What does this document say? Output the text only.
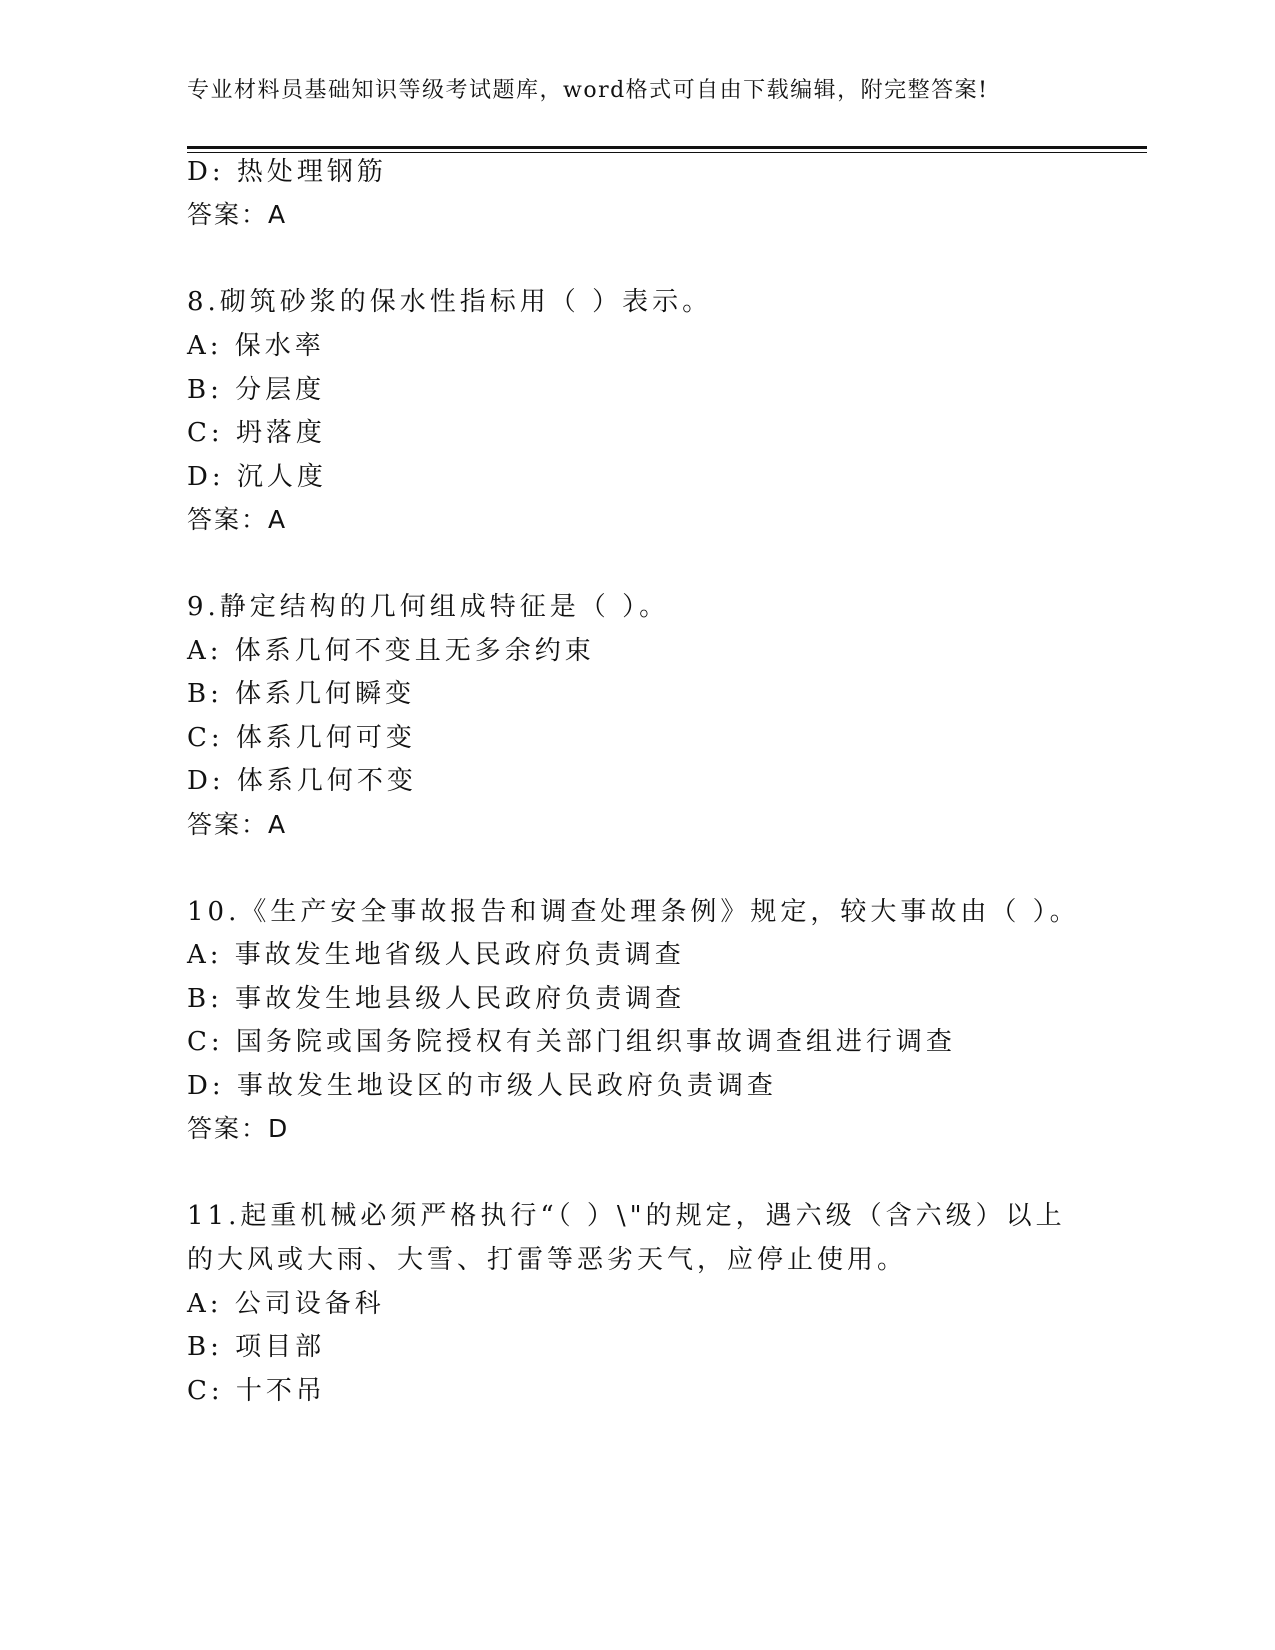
专业材料员基础知识等级考试题库，word格式可自由下载编辑，附完整答案!
D: 热处理钢筋
答案：A
8.砌筑砂浆的保水性指标用（ ）表示。
A: 保水率
B: 分层度
C: 坍落度
D: 沉人度
答案：A
9.静定结构的几何组成特征是（ ）。
A: 体系几何不变且无多余约束
B: 体系几何瞬变
C: 体系几何可变
D: 体系几何不变
答案：A
10.《生产安全事故报告和调查处理条例》规定，较大事故由（ ）。
A: 事故发生地省级人民政府负责调查
B: 事故发生地县级人民政府负责调查
C: 国务院或国务院授权有关部门组织事故调查组进行调查
D: 事故发生地设区的市级人民政府负责调查
答案：D
11.起重机械必须严格执行“（ ）\"的规定，遇六级（含六级）以上
的大风或大雨、大雪、打雷等恶劣天气，应停止使用。
A: 公司设备科
B: 项目部
C: 十不吊
